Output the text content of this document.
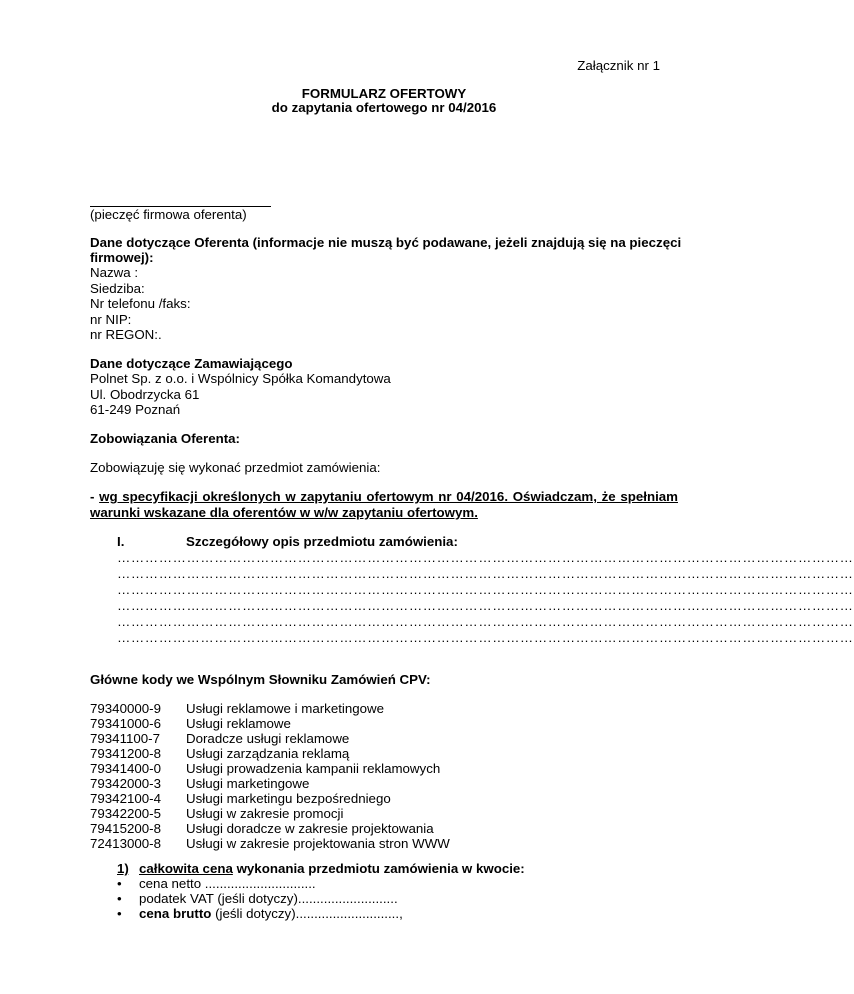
Załącznik nr 1
FORMULARZ OFERTOWY
do zapytania ofertowego nr 04/2016
(pieczęć firmowa oferenta)
Dane dotyczące Oferenta (informacje nie muszą być podawane, jeżeli znajdują się na pieczęci
firmowej):
Nazwa :
Siedziba:
Nr telefonu /faks:
nr NIP:
nr REGON:.
Dane dotyczące Zamawiającego
Polnet Sp. z o.o. i Wspólnicy Spółka Komandytowa
Ul. Obodrzycka 61
61-249 Poznań
Zobowiązania Oferenta:
Zobowiązuję się wykonać przedmiot zamówienia:
- wg specyfikacji określonych w zapytaniu ofertowym nr 04/2016. Oświadczam, że spełniam
warunki wskazane dla oferentów w w/w zapytaniu ofertowym.
I.	Szczegółowy opis przedmiotu zamówienia:
……………………………………………………………………………………………………………………………………………
……………………………………………………………………………………………………………………………………………
……………………………………………………………………………………………………………………………………………
……………………………………………………………………………………………………………………………………………
……………………………………………………………………………………………………………………………………………
……………………………………………………………………………………………………………………………………………
Główne kody we Wspólnym Słowniku Zamówień CPV:
79340000-9 Usługi reklamowe i marketingowe
79341000-6 Usługi reklamowe
79341100-7 Doradcze usługi reklamowe
79341200-8 Usługi zarządzania reklamą
79341400-0 Usługi prowadzenia kampanii reklamowych
79342000-3 Usługi marketingowe
79342100-4 Usługi marketingu bezpośredniego
79342200-5 Usługi w zakresie promocji
79415200-8 Usługi doradcze w zakresie projektowania
72413000-8 Usługi w zakresie projektowania stron WWW
1) całkowita cena wykonania przedmiotu zamówienia w kwocie:
• cena netto ..............................
• podatek VAT (jeśli dotyczy)...........................
• cena brutto (jeśli dotyczy)............................,
